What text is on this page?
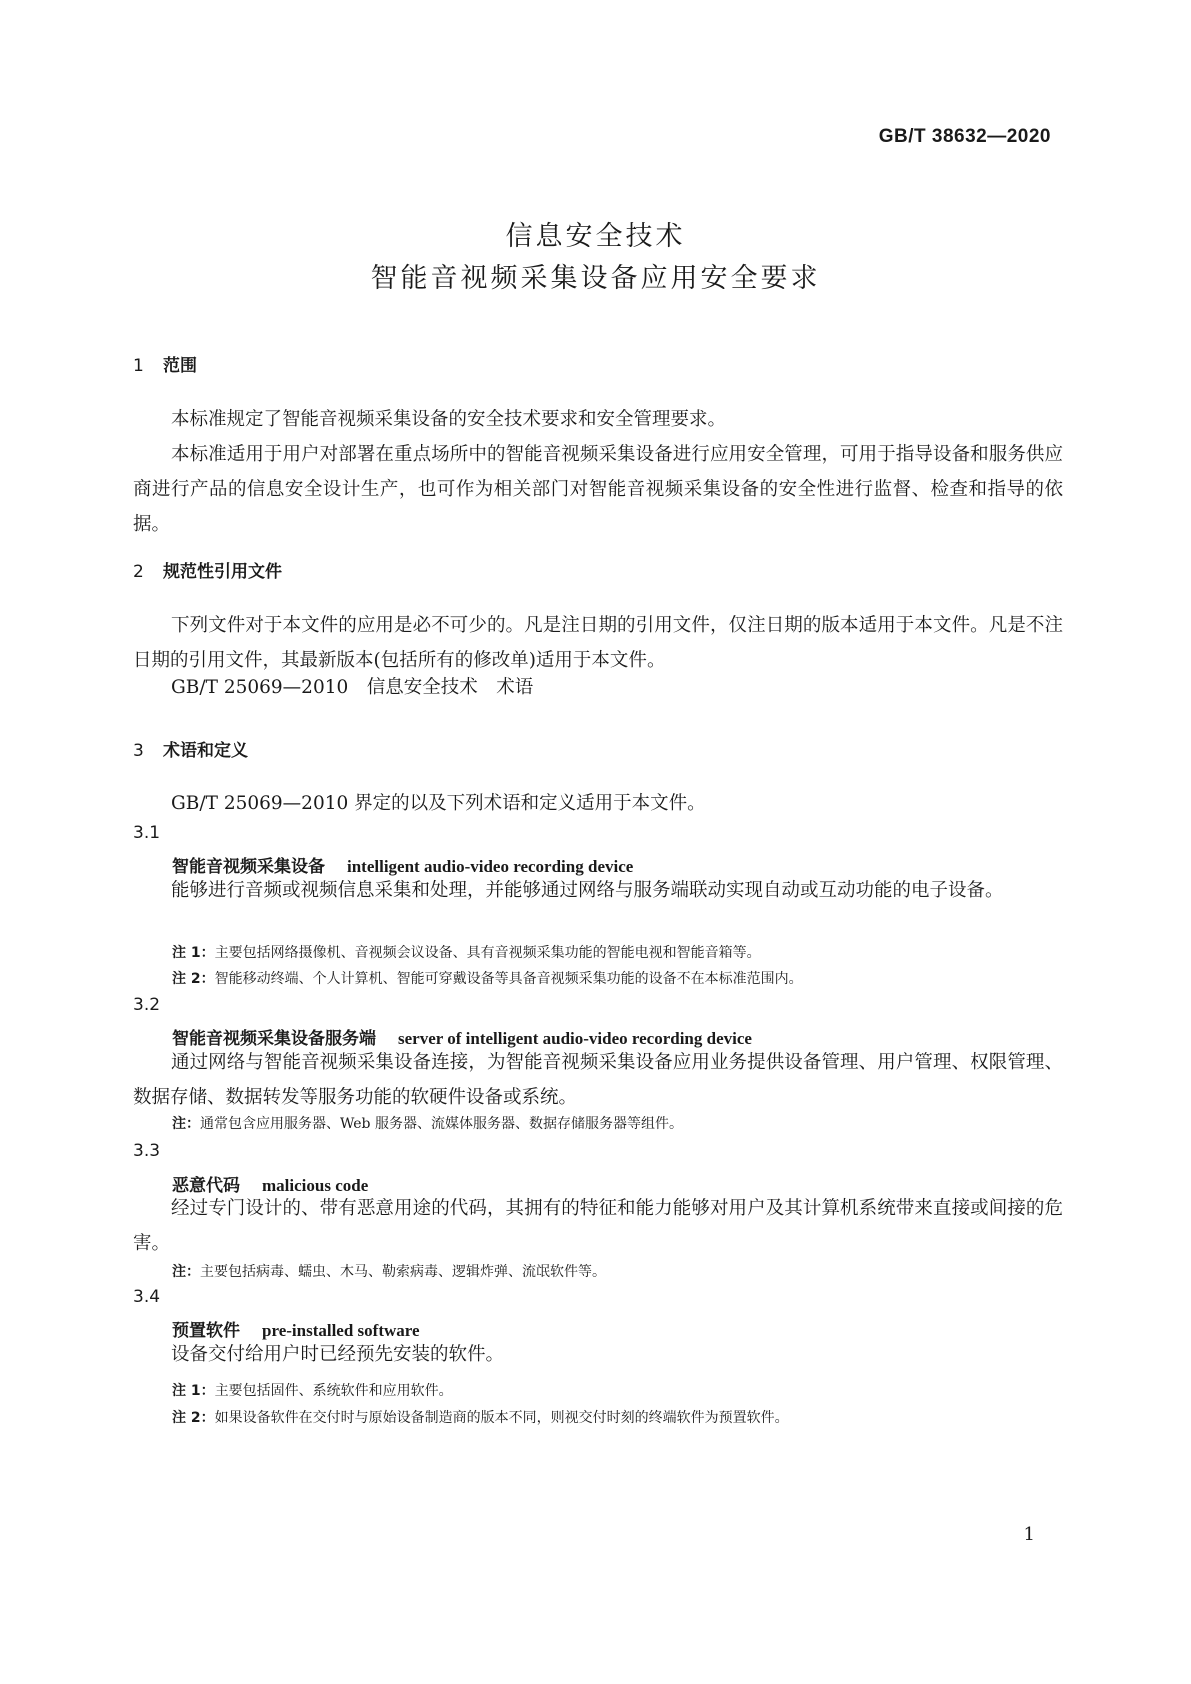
GB/T 38632—2020
信息安全技术
智能音视频采集设备应用安全要求
1 范围
本标准规定了智能音视频采集设备的安全技术要求和安全管理要求。
本标准适用于用户对部署在重点场所中的智能音视频采集设备进行应用安全管理，可用于指导设备和服务供应商进行产品的信息安全设计生产，也可作为相关部门对智能音视频采集设备的安全性进行监督、检查和指导的依据。
2 规范性引用文件
下列文件对于本文件的应用是必不可少的。凡是注日期的引用文件，仅注日期的版本适用于本文件。凡是不注日期的引用文件，其最新版本(包括所有的修改单)适用于本文件。
GB/T 25069—2010　信息安全技术　术语
3 术语和定义
GB/T 25069—2010 界定的以及下列术语和定义适用于本文件。
3.1
智能音视频采集设备 intelligent audio-video recording device
能够进行音频或视频信息采集和处理，并能够通过网络与服务端联动实现自动或互动功能的电子设备。
注 1：主要包括网络摄像机、音视频会议设备、具有音视频采集功能的智能电视和智能音箱等。
注 2：智能移动终端、个人计算机、智能可穿戴设备等具备音视频采集功能的设备不在本标准范围内。
3.2
智能音视频采集设备服务端 server of intelligent audio-video recording device
通过网络与智能音视频采集设备连接，为智能音视频采集设备应用业务提供设备管理、用户管理、权限管理、数据存储、数据转发等服务功能的软硬件设备或系统。
注：通常包含应用服务器、Web 服务器、流媒体服务器、数据存储服务器等组件。
3.3
恶意代码 malicious code
经过专门设计的、带有恶意用途的代码，其拥有的特征和能力能够对用户及其计算机系统带来直接或间接的危害。
注：主要包括病毒、蠕虫、木马、勒索病毒、逻辑炸弹、流氓软件等。
3.4
预置软件 pre-installed software
设备交付给用户时已经预先安装的软件。
注 1：主要包括固件、系统软件和应用软件。
注 2：如果设备软件在交付时与原始设备制造商的版本不同，则视交付时刻的终端软件为预置软件。
1
